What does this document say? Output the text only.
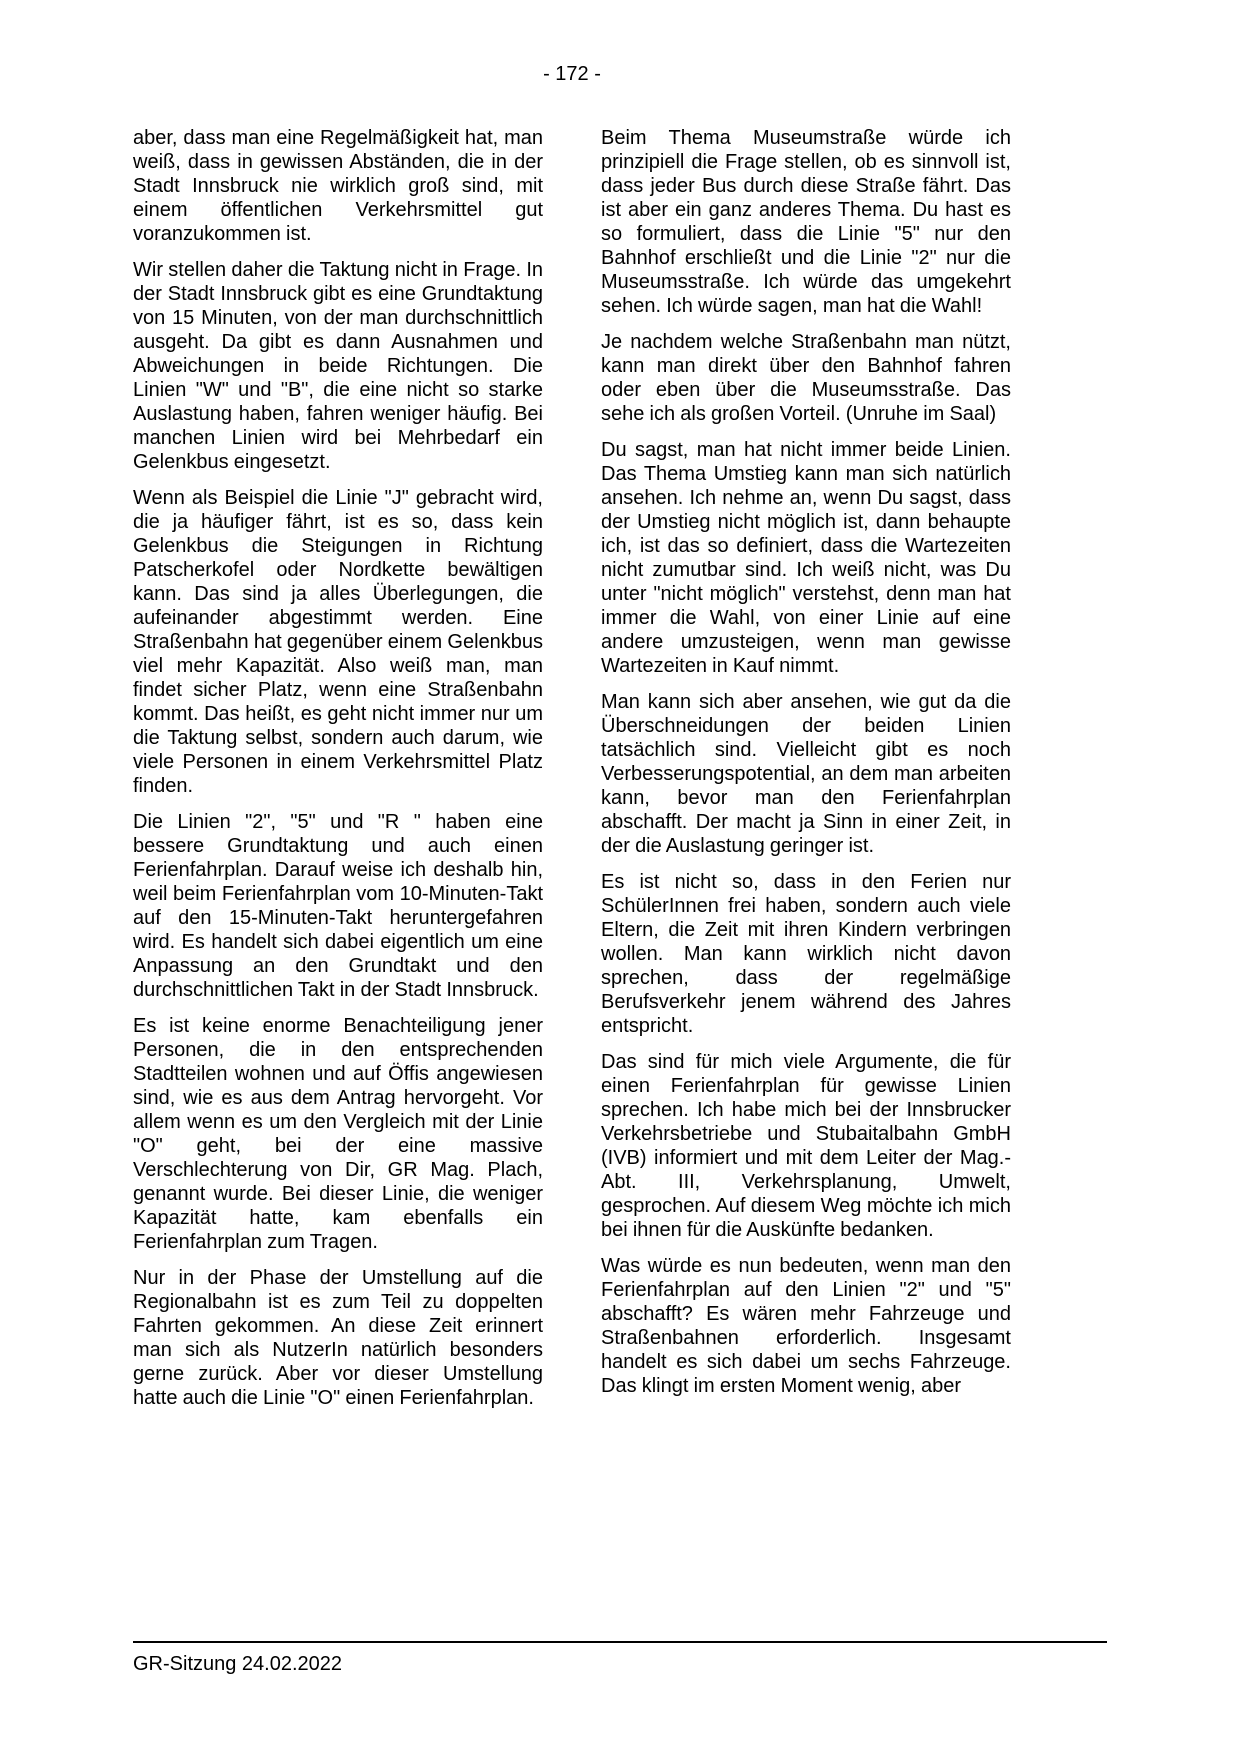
- 172 -

aber, dass man eine Regelmäßigkeit hat, man weiß, dass in gewissen Abständen, die in der Stadt Innsbruck nie wirklich groß sind, mit einem öffentlichen Verkehrsmittel gut voranzukommen ist.

Wir stellen daher die Taktung nicht in Frage. In der Stadt Innsbruck gibt es eine Grundtaktung von 15 Minuten, von der man durchschnittlich ausgeht. Da gibt es dann Ausnahmen und Abweichungen in beide Richtungen. Die Linien "W" und "B", die eine nicht so starke Auslastung haben, fahren weniger häufig. Bei manchen Linien wird bei Mehrbedarf ein Gelenkbus eingesetzt.

Wenn als Beispiel die Linie "J" gebracht wird, die ja häufiger fährt, ist es so, dass kein Gelenkbus die Steigungen in Richtung Patscherkofel oder Nordkette bewältigen kann. Das sind ja alles Überlegungen, die aufeinander abgestimmt werden. Eine Straßenbahn hat gegenüber einem Gelenkbus viel mehr Kapazität. Also weiß man, man findet sicher Platz, wenn eine Straßenbahn kommt. Das heißt, es geht nicht immer nur um die Taktung selbst, sondern auch darum, wie viele Personen in einem Verkehrsmittel Platz finden.

Die Linien "2", "5" und "R " haben eine bessere Grundtaktung und auch einen Ferienfahrplan. Darauf weise ich deshalb hin, weil beim Ferienfahrplan vom 10-Minuten-Takt auf den 15-Minuten-Takt heruntergefahren wird. Es handelt sich dabei eigentlich um eine Anpassung an den Grundtakt und den durchschnittlichen Takt in der Stadt Innsbruck.

Es ist keine enorme Benachteiligung jener Personen, die in den entsprechenden Stadtteilen wohnen und auf Öffis angewiesen sind, wie es aus dem Antrag hervorgeht. Vor allem wenn es um den Vergleich mit der Linie "O" geht, bei der eine massive Verschlechterung von Dir, GR Mag. Plach, genannt wurde. Bei dieser Linie, die weniger Kapazität hatte, kam ebenfalls ein Ferienfahrplan zum Tragen.

Nur in der Phase der Umstellung auf die Regionalbahn ist es zum Teil zu doppelten Fahrten gekommen. An diese Zeit erinnert man sich als NutzerIn natürlich besonders gerne zurück. Aber vor dieser Umstellung hatte auch die Linie "O" einen Ferienfahrplan.

Beim Thema Museumstraße würde ich prinzipiell die Frage stellen, ob es sinnvoll ist, dass jeder Bus durch diese Straße fährt. Das ist aber ein ganz anderes Thema. Du hast es so formuliert, dass die Linie "5" nur den Bahnhof erschließt und die Linie "2" nur die Museumsstraße. Ich würde das umgekehrt sehen. Ich würde sagen, man hat die Wahl!

Je nachdem welche Straßenbahn man nützt, kann man direkt über den Bahnhof fahren oder eben über die Museumsstraße. Das sehe ich als großen Vorteil. (Unruhe im Saal)

Du sagst, man hat nicht immer beide Linien. Das Thema Umstieg kann man sich natürlich ansehen. Ich nehme an, wenn Du sagst, dass der Umstieg nicht möglich ist, dann behaupte ich, ist das so definiert, dass die Wartezeiten nicht zumutbar sind. Ich weiß nicht, was Du unter "nicht möglich" verstehst, denn man hat immer die Wahl, von einer Linie auf eine andere umzusteigen, wenn man gewisse Wartezeiten in Kauf nimmt.

Man kann sich aber ansehen, wie gut da die Überschneidungen der beiden Linien tatsächlich sind. Vielleicht gibt es noch Verbesserungspotential, an dem man arbeiten kann, bevor man den Ferienfahrplan abschafft. Der macht ja Sinn in einer Zeit, in der die Auslastung geringer ist.

Es ist nicht so, dass in den Ferien nur SchülerInnen frei haben, sondern auch viele Eltern, die Zeit mit ihren Kindern verbringen wollen. Man kann wirklich nicht davon sprechen, dass der regelmäßige Berufsverkehr jenem während des Jahres entspricht.

Das sind für mich viele Argumente, die für einen Ferienfahrplan für gewisse Linien sprechen. Ich habe mich bei der Innsbrucker Verkehrsbetriebe und Stubaitalbahn GmbH (IVB) informiert und mit dem Leiter der Mag.-Abt. III, Verkehrsplanung, Umwelt, gesprochen. Auf diesem Weg möchte ich mich bei ihnen für die Auskünfte bedanken.

Was würde es nun bedeuten, wenn man den Ferienfahrplan auf den Linien "2" und "5" abschafft? Es wären mehr Fahrzeuge und Straßenbahnen erforderlich. Insgesamt handelt es sich dabei um sechs Fahrzeuge. Das klingt im ersten Moment wenig, aber

GR-Sitzung 24.02.2022
